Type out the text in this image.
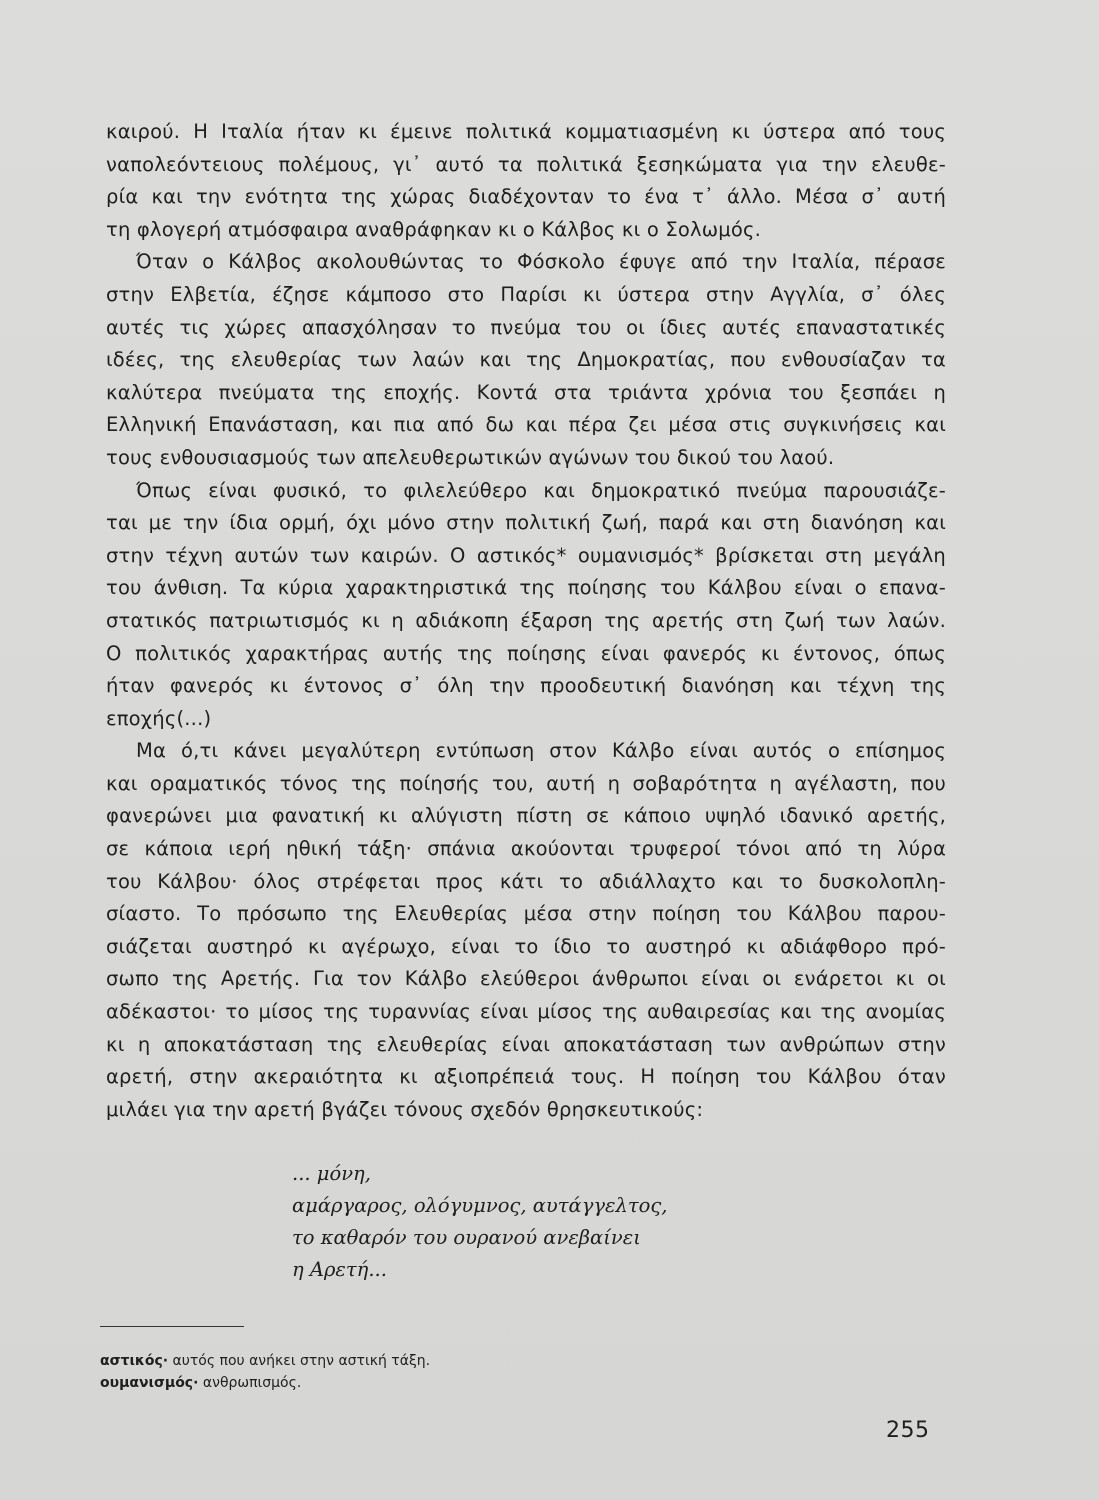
καιρού. Η Ιταλία ήταν κι έμεινε πολιτικά κομματιασμένη κι ύστερα από τους
ναπολεόντειους πολέμους, γι᾿ αυτό τα πολιτικά ξεσηκώματα για την ελευθε-
ρία και την ενότητα της χώρας διαδέχονταν το ένα τ᾿ άλλο. Μέσα σ᾿ αυτή
τη φλογερή ατμόσφαιρα αναθράφηκαν κι ο Κάλβος κι ο Σολωμός.
Όταν ο Κάλβος ακολουθώντας το Φόσκολο έφυγε από την Ιταλία, πέρασε
στην Ελβετία, έζησε κάμποσο στο Παρίσι κι ύστερα στην Αγγλία, σ᾿ όλες
αυτές τις χώρες απασχόλησαν το πνεύμα του οι ίδιες αυτές επαναστατικές
ιδέες, της ελευθερίας των λαών και της Δημοκρατίας, που ενθουσίαζαν τα
καλύτερα πνεύματα της εποχής. Κοντά στα τριάντα χρόνια του ξεσπάει η
Ελληνική Επανάσταση, και πια από δω και πέρα ζει μέσα στις συγκινήσεις και
τους ενθουσιασμούς των απελευθερωτικών αγώνων του δικού του λαού.
Όπως είναι φυσικό, το φιλελεύθερο και δημοκρατικό πνεύμα παρουσιάζε-
ται με την ίδια ορμή, όχι μόνο στην πολιτική ζωή, παρά και στη διανόηση και
στην τέχνη αυτών των καιρών. Ο αστικός* ουμανισμός* βρίσκεται στη μεγάλη
του άνθιση. Τα κύρια χαρακτηριστικά της ποίησης του Κάλβου είναι ο επανα-
στατικός πατριωτισμός κι η αδιάκοπη έξαρση της αρετής στη ζωή των λαών.
Ο πολιτικός χαρακτήρας αυτής της ποίησης είναι φανερός κι έντονος, όπως
ήταν φανερός κι έντονος σ᾿ όλη την προοδευτική διανόηση και τέχνη της
εποχής(...)
Μα ό,τι κάνει μεγαλύτερη εντύπωση στον Κάλβο είναι αυτός ο επίσημος
και οραματικός τόνος της ποίησής του, αυτή η σοβαρότητα η αγέλαστη, που
φανερώνει μια φανατική κι αλύγιστη πίστη σε κάποιο υψηλό ιδανικό αρετής,
σε κάποια ιερή ηθική τάξη· σπάνια ακούονται τρυφεροί τόνοι από τη λύρα
του Κάλβου· όλος στρέφεται προς κάτι το αδιάλλαχτο και το δυσκολοπλη-
σίαστο. Το πρόσωπο της Ελευθερίας μέσα στην ποίηση του Κάλβου παρου-
σιάζεται αυστηρό κι αγέρωχο, είναι το ίδιο το αυστηρό κι αδιάφθορο πρό-
σωπο της Αρετής. Για τον Κάλβο ελεύθεροι άνθρωποι είναι οι ενάρετοι κι οι
αδέκαστοι· το μίσος της τυραννίας είναι μίσος της αυθαιρεσίας και της ανομίας
κι η αποκατάσταση της ελευθερίας είναι αποκατάσταση των ανθρώπων στην
αρετή, στην ακεραιότητα κι αξιοπρέπειά τους. Η ποίηση του Κάλβου όταν
μιλάει για την αρετή βγάζει τόνους σχεδόν θρησκευτικούς:
... μόνη,
αμάργαρος, ολόγυμνος, αυτάγγελτος,
το καθαρόν του ουρανού ανεβαίνει
η Αρετή...
αστικός· αυτός που ανήκει στην αστική τάξη.
ουμανισμός· ανθρωπισμός.
255
